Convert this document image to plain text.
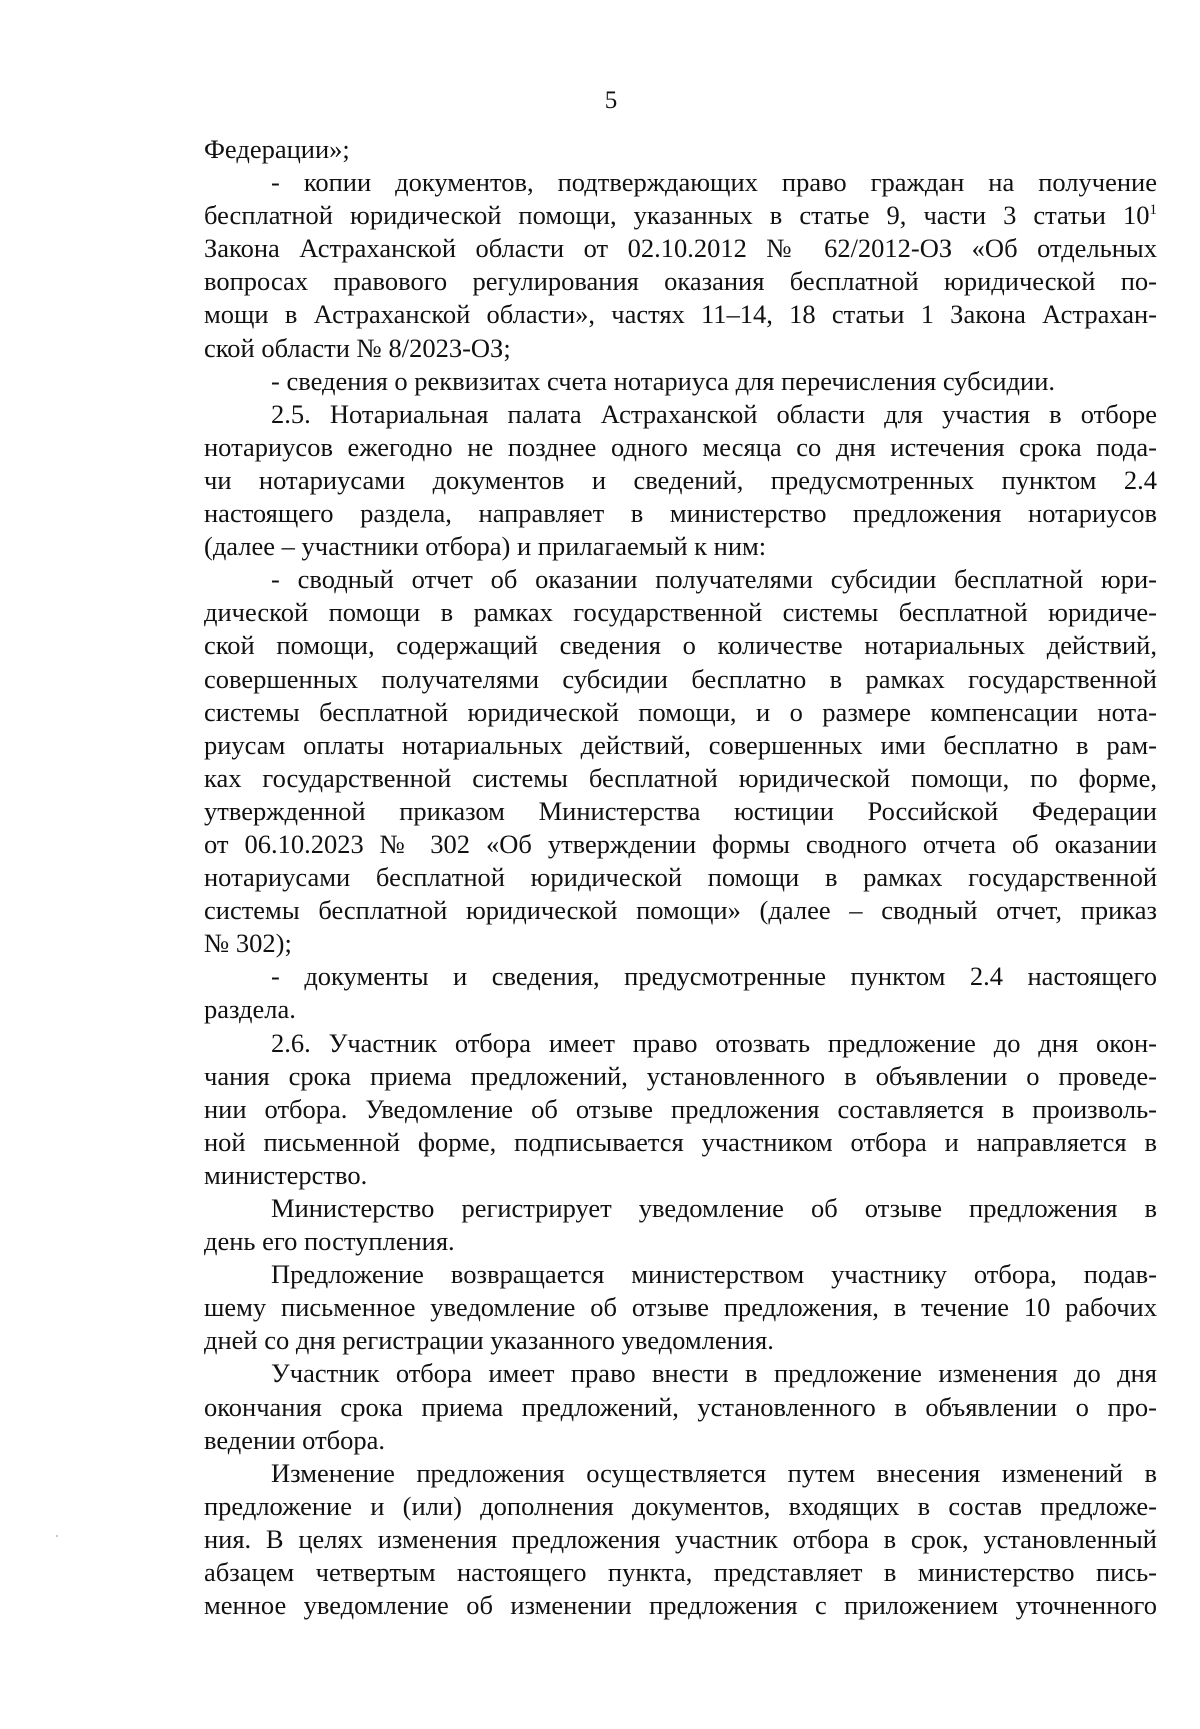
5
Федерации»;
- копии документов, подтверждающих право граждан на получение
бесплатной юридической помощи, указанных в статье 9, части 3 статьи $10^1$
Закона Астраханской области от 02.10.2012 № 62/2012-ОЗ «Об отдельных
вопросах правового регулирования оказания бесплатной юридической по-
мощи в Астраханской области», частях 11–14, 18 статьи 1 Закона Астрахан-
ской области № 8/2023-ОЗ;
- сведения о реквизитах счета нотариуса для перечисления субсидии.
2.5. Нотариальная палата Астраханской области для участия в отборе
нотариусов ежегодно не позднее одного месяца со дня истечения срока пода-
чи нотариусами документов и сведений, предусмотренных пунктом 2.4
настоящего раздела, направляет в министерство предложения нотариусов
(далее – участники отбора) и прилагаемый к ним:
- сводный отчет об оказании получателями субсидии бесплатной юри-
дической помощи в рамках государственной системы бесплатной юридиче-
ской помощи, содержащий сведения о количестве нотариальных действий,
совершенных получателями субсидии бесплатно в рамках государственной
системы бесплатной юридической помощи, и о размере компенсации нота-
риусам оплаты нотариальных действий, совершенных ими бесплатно в рам-
ках государственной системы бесплатной юридической помощи, по форме,
утвержденной приказом Министерства юстиции Российской Федерации
от 06.10.2023 № 302 «Об утверждении формы сводного отчета об оказании
нотариусами бесплатной юридической помощи в рамках государственной
системы бесплатной юридической помощи» (далее – сводный отчет, приказ
№ 302);
- документы и сведения, предусмотренные пунктом 2.4 настоящего
раздела.
2.6. Участник отбора имеет право отозвать предложение до дня окон-
чания срока приема предложений, установленного в объявлении о проведе-
нии отбора. Уведомление об отзыве предложения составляется в произволь-
ной письменной форме, подписывается участником отбора и направляется в
министерство.
Министерство регистрирует уведомление об отзыве предложения в
день его поступления.
Предложение возвращается министерством участнику отбора, подав-
шему письменное уведомление об отзыве предложения, в течение 10 рабочих
дней со дня регистрации указанного уведомления.
Участник отбора имеет право внести в предложение изменения до дня
окончания срока приема предложений, установленного в объявлении о про-
ведении отбора.
Изменение предложения осуществляется путем внесения изменений в
предложение и (или) дополнения документов, входящих в состав предложе-
ния. В целях изменения предложения участник отбора в срок, установленный
абзацем четвертым настоящего пункта, представляет в министерство пись-
менное уведомление об изменении предложения с приложением уточненного
